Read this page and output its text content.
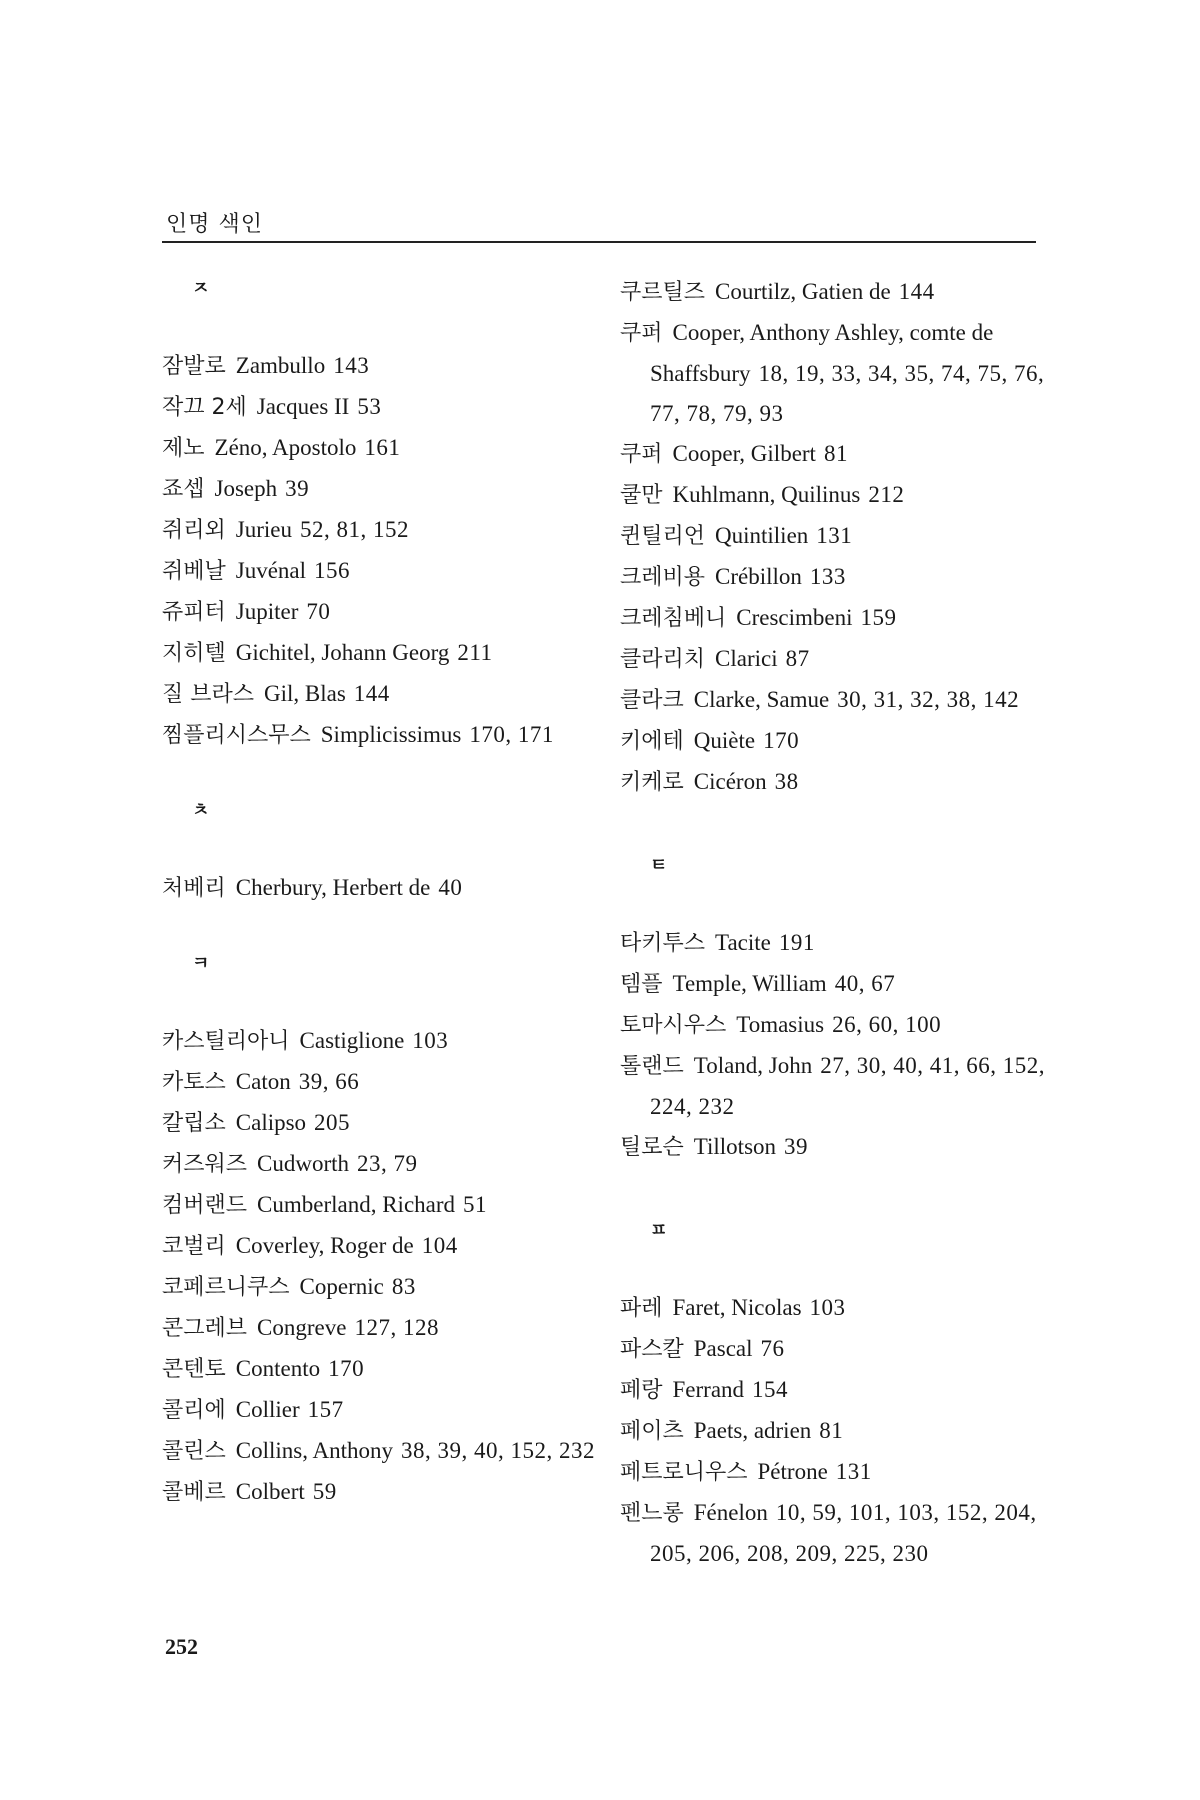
인명 색인
ㅈ
잠발로 Zambullo 143
작끄 2세 Jacques II 53
제노 Zéno, Apostolo 161
죠셉 Joseph 39
쥐리외 Jurieu 52, 81, 152
쥐베날 Juvénal 156
쥬피터 Jupiter 70
지히텔 Gichitel, Johann Georg 211
질 브라스 Gil, Blas 144
찜플리시스무스 Simplicissimus 170, 171
ㅊ
처베리 Cherbury, Herbert de 40
ㅋ
카스틸리아니 Castiglione 103
카토스 Caton 39, 66
칼립소 Calipso 205
커즈워즈 Cudworth 23, 79
컴버랜드 Cumberland, Richard 51
코벌리 Coverley, Roger de 104
코페르니쿠스 Copernic 83
콘그레브 Congreve 127, 128
콘텐토 Contento 170
콜리에 Collier 157
콜린스 Collins, Anthony 38, 39, 40, 152, 232
콜베르 Colbert 59
쿠르틸즈 Courtilz, Gatien de 144
쿠퍼 Cooper, Anthony Ashley, comte de Shaffsbury 18, 19, 33, 34, 35, 74, 75, 76, 77, 78, 79, 93
쿠퍼 Cooper, Gilbert 81
쿨만 Kuhlmann, Quilinus 212
퀸틸리언 Quintilien 131
크레비용 Crébillon 133
크레침베니 Crescimbeni 159
클라리치 Clarici 87
클라크 Clarke, Samue 30, 31, 32, 38, 142
키에테 Quiète 170
키케로 Cicéron 38
ㅌ
타키투스 Tacite 191
템플 Temple, William 40, 67
토마시우스 Tomasius 26, 60, 100
톨랜드 Toland, John 27, 30, 40, 41, 66, 152, 224, 232
틸로슨 Tillotson 39
ㅍ
파레 Faret, Nicolas 103
파스칼 Pascal 76
페랑 Ferrand 154
페이츠 Paets, adrien 81
페트로니우스 Pétrone 131
펜느롱 Fénelon 10, 59, 101, 103, 152, 204, 205, 206, 208, 209, 225, 230
252
